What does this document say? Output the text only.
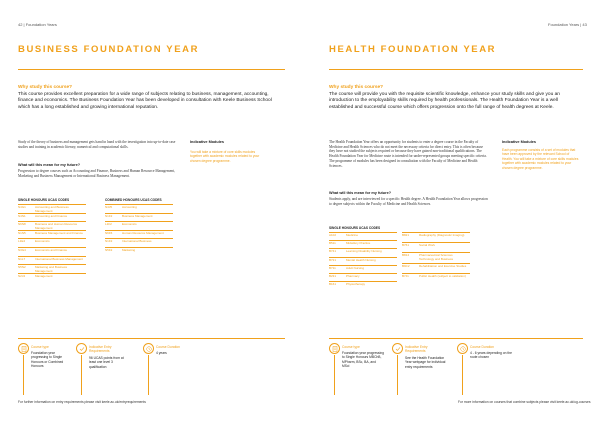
42 | Foundation Years
BUSINESS FOUNDATION YEAR
Why study this course?
This course provides excellent preparation for a wide range of subjects relating to business, management, accounting, finance and economics. The Business Foundation Year has been developed in consultation with Keele Business School which has a long established and growing international reputation.
Study of the theory of business and management gets hand in hand with the investigation into up-to-date case studies and training in academic literary, numerical and computational skills.
What will this mean for my future?
Progression to degree courses such as Accounting and Finance, Business and Human Resource Management, Marketing and Business Management or International Business Management.
Indicative Modules
You will take a mixture of core skills modules together with academic modules related to your chosen degree programme.
SINGLE HONOURS UCAS CODES	COMBINED HONOURS UCAS CODES
N4G1	Accounting and Business Management
N4N1	Accounting and Finance
N6N8	Business and Human Resource Management
N1N5	Business Management and Finance
L1E4	Economics
N3G4	Economics and Finance
N1L7	International Business Management
N5N2	Marketing and Business Management
N2J4	Management
N4J5	Accounting
N1F2	Business Management
L1F2	Economics
N6F6	Human Resource Management
N1F2	International Business
N5F2	Marketing
Course type
Foundation year progressing to Single Honours or Combined Honours
Indicative Entry Requirements
96 UCAS points from at least one level 3 qualification
Course Duration
4 years
For further information on entry requirements please visit keele.ac.uk/entryrequirements
Foundation Years | 43
HEALTH FOUNDATION YEAR
Why study this course?
The course will provide you with the requisite scientific knowledge, enhance your study skills and give you an introduction to the employability skills required by health professionals. The Health Foundation Year is a well established and successful course which offers progression onto the full range of health degrees at Keele.
The Health Foundation Year offers an opportunity for students to enter a degree course in the Faculty of Medicine and Health Sciences who do not meet the necessary criteria for direct entry. This is often because they have not studied the subjects required or because they have gained non-traditional qualifications. The Health Foundation Year for Medicine route is intended for under-represented groups meeting specific criteria. The programme of modules has been designed in consultation with the Faculty of Medicine and Health Sciences.
What will this mean for my future?
Students apply, and are interviewed for a specific Health degree. A Health Foundation Year allows progression to degree subjects within the Faculty of Medicine and Health Sciences.
Indicative Modules
Each programme consists of a set of modules that have been approved by the relevant School of Health. You will take a mixture of core skills modules together with academic modules related to your chosen degree programme.
SINGLE HONOURS UCAS CODES
A102	Medicine
B511	Midwifery Practice
B741	Learning Disability Nursing
B721	Mental Health Nursing
B711	Adult Nursing
B231	Pharmacy
B161	Physiotherapy
B821	Radiography (Diagnostic Imaging)
B761	Social Work
B814	Pharmaceutical Sciences Technology and Business
B9C2	Rehabilitation and Exercise Studies
B7J1	Public Health (subject to validation)
Course type
Foundation year progressing to Single Honours MBChB, MPharm, BSc, BA, and MSci
Indicative Entry Requirements
See the Health Foundation Year webpage for individual entry requirements
Course Duration
4 - 6 years depending on the route chosen
For more information on courses that combine subjects please visit keele.ac.uk/ug-courses
